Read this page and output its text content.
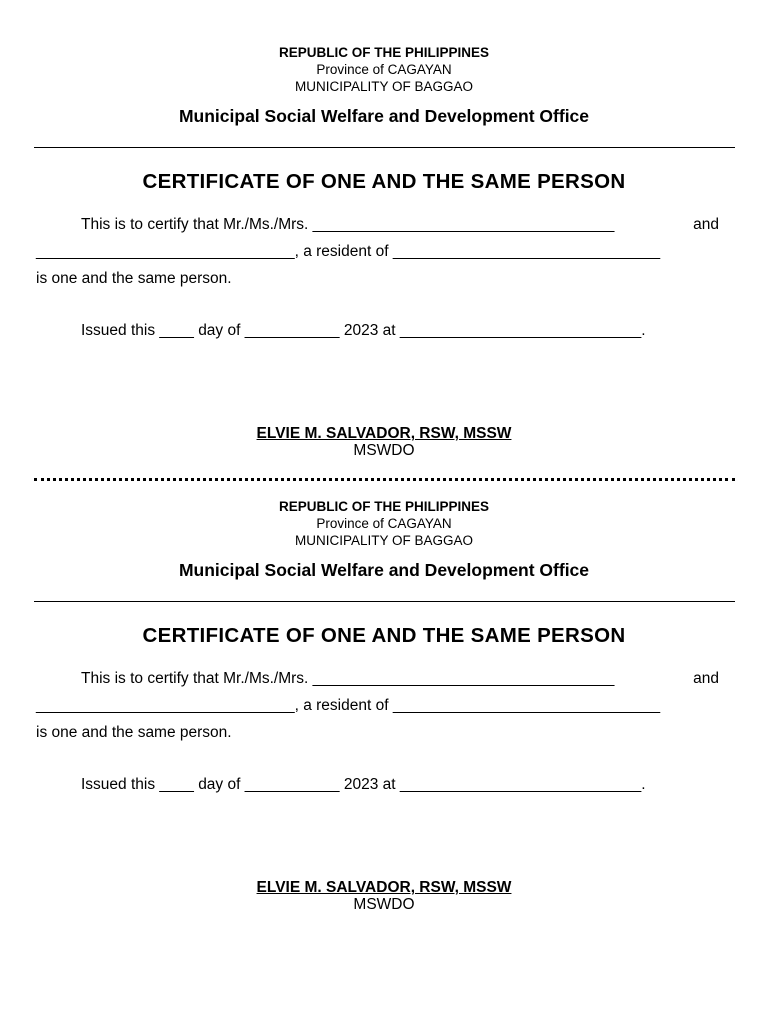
REPUBLIC OF THE PHILIPPINES
Province of CAGAYAN
MUNICIPALITY OF BAGGAO
Municipal Social Welfare and Development Office
CERTIFICATE OF ONE AND THE SAME PERSON
This is to certify that Mr./Ms./Mrs. ___________________________________	and
______________________________, a resident of _______________________________
is one and the same person.
Issued this ____ day of ___________ 2023 at ____________________________.
ELVIE M. SALVADOR, RSW, MSSW
MSWDO
REPUBLIC OF THE PHILIPPINES
Province of CAGAYAN
MUNICIPALITY OF BAGGAO
Municipal Social Welfare and Development Office
CERTIFICATE OF ONE AND THE SAME PERSON
This is to certify that Mr./Ms./Mrs. ___________________________________	and
______________________________, a resident of _______________________________
is one and the same person.
Issued this ____ day of ___________ 2023 at ____________________________.
ELVIE M. SALVADOR, RSW, MSSW
MSWDO
